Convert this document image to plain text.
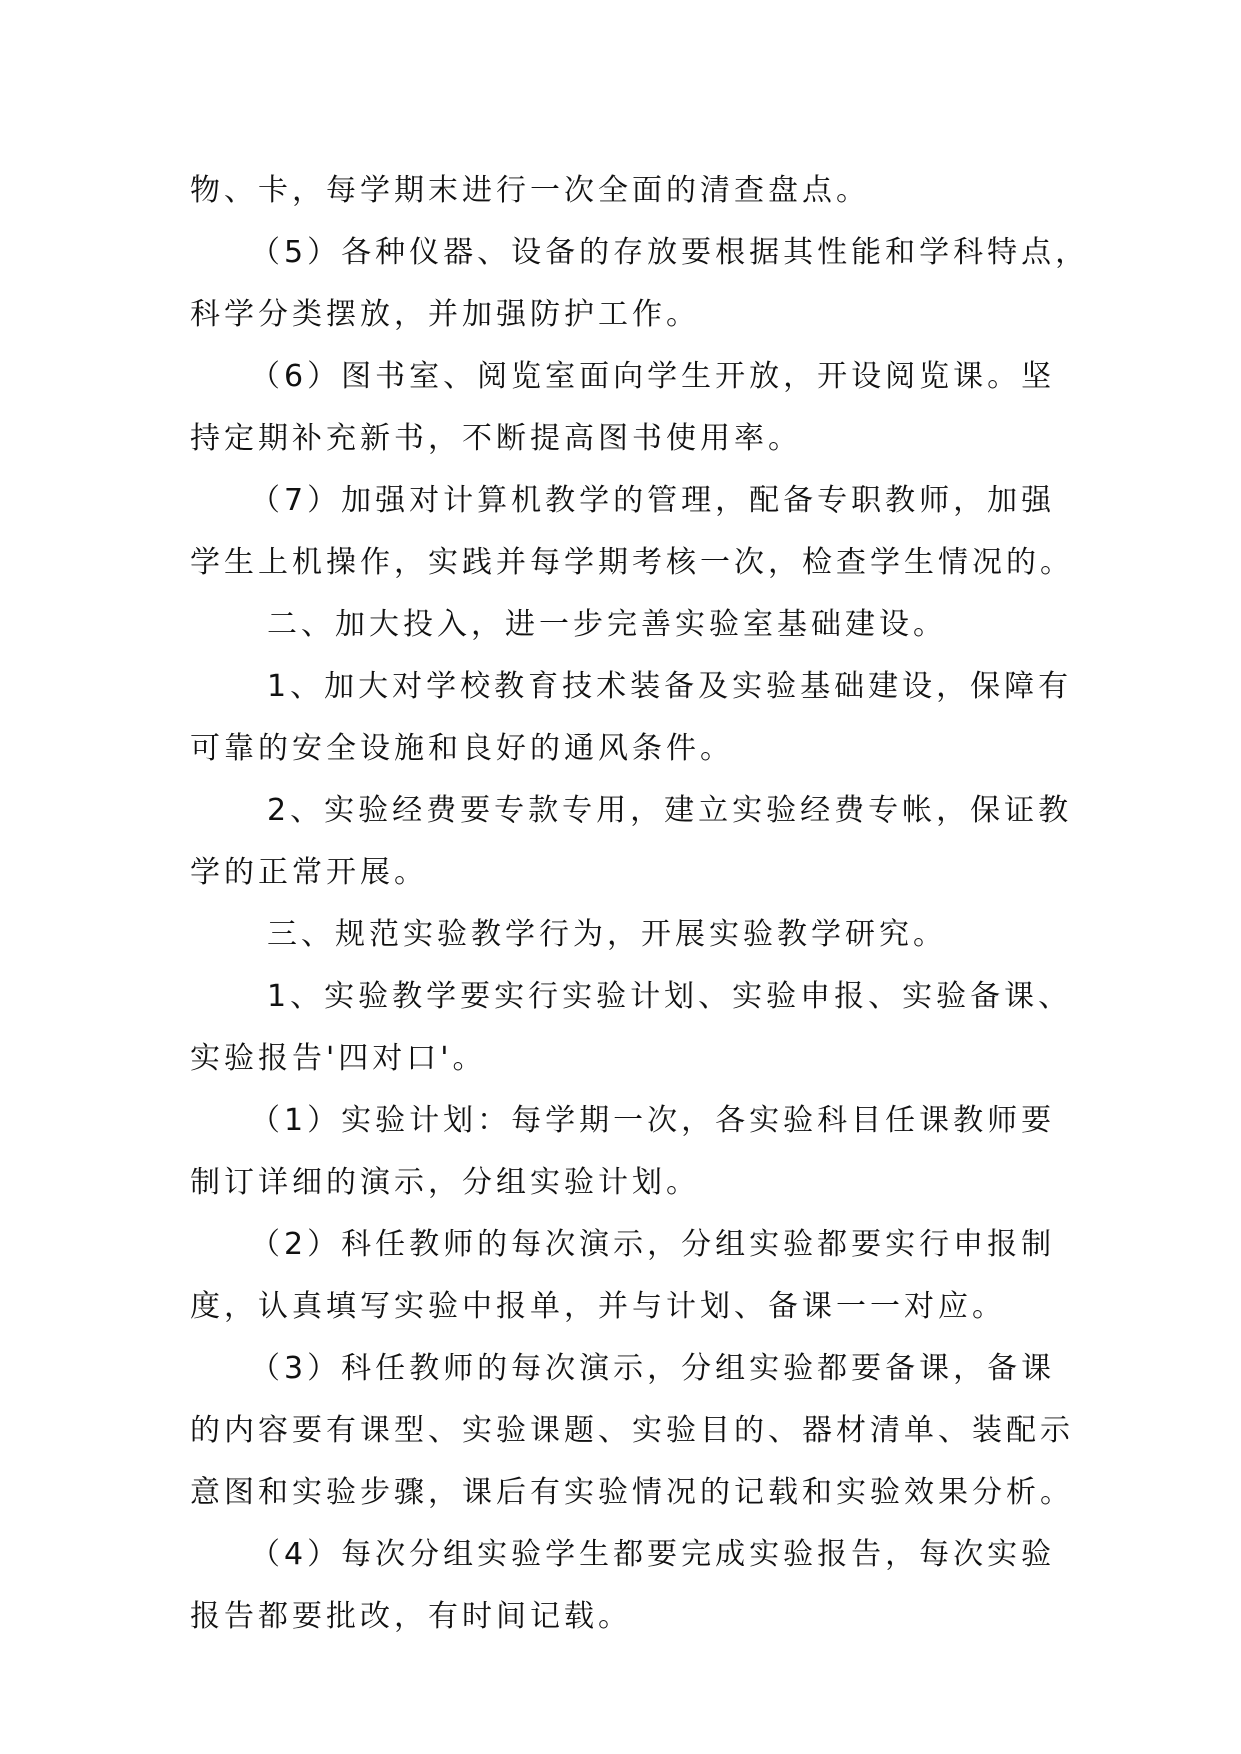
物、卡，每学期末进行一次全面的清查盘点。

（5）各种仪器、设备的存放要根据其性能和学科特点，
科学分类摆放，并加强防护工作。

（6）图书室、阅览室面向学生开放，开设阅览课。坚
持定期补充新书，不断提高图书使用率。

（7）加强对计算机教学的管理，配备专职教师，加强
学生上机操作，实践并每学期考核一次，检查学生情况的。

二、加大投入，进一步完善实验室基础建设。

1、加大对学校教育技术装备及实验基础建设，保障有
可靠的安全设施和良好的通风条件。

2、实验经费要专款专用，建立实验经费专帐，保证教
学的正常开展。

三、规范实验教学行为，开展实验教学研究。

1、实验教学要实行实验计划、实验申报、实验备课、
实验报告'四对口'。

（1）实验计划：每学期一次，各实验科目任课教师要
制订详细的演示，分组实验计划。

（2）科任教师的每次演示，分组实验都要实行申报制
度，认真填写实验中报单，并与计划、备课一一对应。

（3）科任教师的每次演示，分组实验都要备课，备课
的内容要有课型、实验课题、实验目的、器材清单、装配示
意图和实验步骤，课后有实验情况的记载和实验效果分析。

（4）每次分组实验学生都要完成实验报告，每次实验
报告都要批改，有时间记载。
